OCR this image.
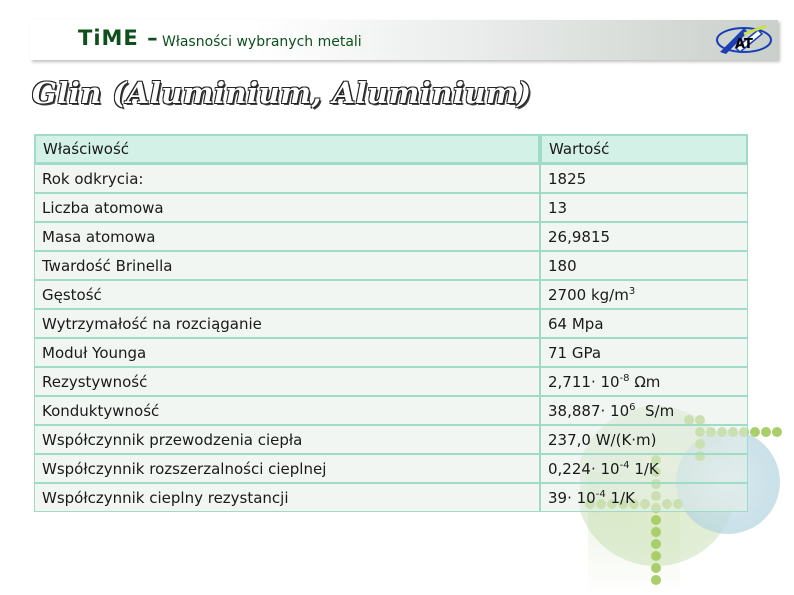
TiME – Własności wybranych metali	AT
Glin (Aluminium, Aluminium)
Właściwość	Wartość
Rok odkrycia:	1825
Liczba atomowa	13
Masa atomowa	26,9815
Twardość Brinella	180
Gęstość	2700 $kg/m^3$
Wytrzymałość na rozciąganie	64 Mpa
Moduł Younga	71 GPa
Rezystywność	$2,711\cdot 10^{-8}$ Ωm
Konduktywność	$38,887\cdot 10^6$  S/m
Współczynnik przewodzenia ciepła	237,0 W/(K·m)
Współczynnik rozszerzalności cieplnej	$0,224\cdot 10^{-4}$ 1/K
Współczynnik cieplny rezystancji	$39\cdot 10^{-4}$ 1/K
